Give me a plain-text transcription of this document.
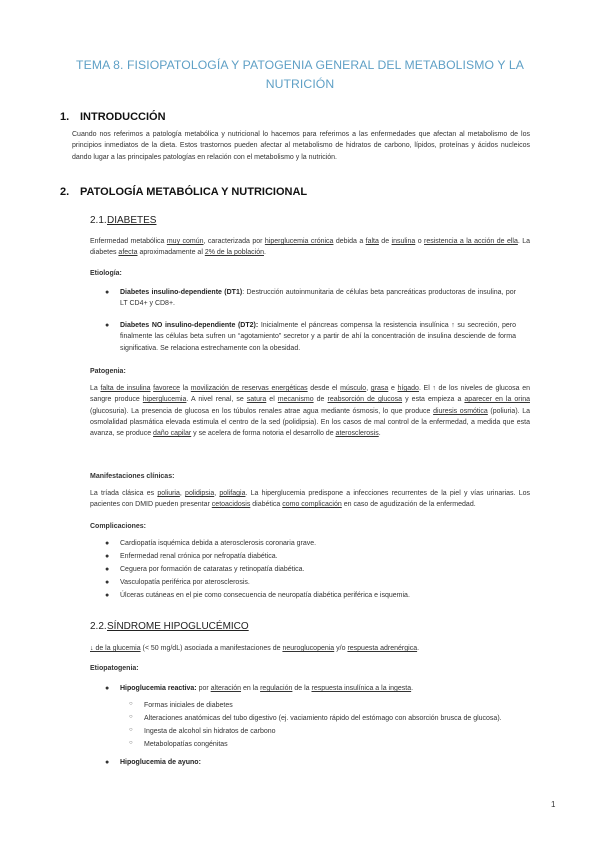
TEMA 8. FISIOPATOLOGÍA Y PATOGENIA GENERAL DEL METABOLISMO Y LA
NUTRICIÓN
1. INTRODUCCIÓN

Cuando nos referimos a patología metabólica y nutricional lo hacemos para referirnos a las enfermedades que afectan al metabolismo de los principios inmediatos de la dieta. Estos trastornos pueden afectar al metabolismo de hidratos de carbono, lípidos, proteínas y ácidos nucleicos dando lugar a las principales patologías en relación con el metabolismo y la nutrición.

2. PATOLOGÍA METABÓLICA Y NUTRICIONAL
2.1.DIABETES

Enfermedad metabólica muy común, caracterizada por hiperglucemia crónica debida a falta de insulina o resistencia a la acción de ella. La diabetes afecta aproximadamente al 2% de la población.

Etiología:
●	Diabetes insulino-dependiente (DT1): Destrucción autoinmunitaria de células beta pancreáticas productoras de insulina, por LT CD4+ y CD8+.
●	Diabetes NO insulino-dependiente (DT2): Inicialmente el páncreas compensa la resistencia insulínica ↑ su secreción, pero finalmente las células beta sufren un “agotamiento” secretor y a partir de ahí la concentración de insulina desciende de forma significativa. Se relaciona estrechamente con la obesidad.
Patogenia:

La falta de insulina favorece la movilización de reservas energéticas desde el músculo, grasa e hígado. El ↑ de los niveles de glucosa en sangre produce hiperglucemia. A nivel renal, se satura el mecanismo de reabsorción de glucosa y esta empieza a aparecer en la orina (glucosuria). La presencia de glucosa en los túbulos renales atrae agua mediante ósmosis, lo que produce diuresis osmótica (poliuria). La osmolalidad plasmática elevada estimula el centro de la sed (polidipsia). En los casos de mal control de la enfermedad, a medida que esta avanza, se produce daño capilar y se acelera de forma notoria el desarrollo de aterosclerosis.

Manifestaciones clínicas:

La tríada clásica es poliuria, polidipsia, polifagia. La hiperglucemia predispone a infecciones recurrentes de la piel y vías urinarias. Los pacientes con DMID pueden presentar cetoacidosis diabética como complicación en caso de agudización de la enfermedad.

Complicaciones:
●	Cardiopatía isquémica debida a aterosclerosis coronaria grave.
●	Enfermedad renal crónica por nefropatía diabética.
●	Ceguera por formación de cataratas y retinopatía diabética.
●	Vasculopatía periférica por aterosclerosis.
●	Úlceras cutáneas en el pie como consecuencia de neuropatía diabética periférica e isquemia.
2.2.SÍNDROME HIPOGLUCÉMICO

↓ de la glucemia (< 50 mg/dL) asociada a manifestaciones de neuroglucopenia y/o respuesta adrenérgica.

Etiopatogenia:
●	Hipoglucemia reactiva: por alteración en la regulación de la respuesta insulínica a la ingesta.
○ Formas iniciales de diabetes
○ Alteraciones anatómicas del tubo digestivo (ej. vaciamiento rápido del estómago con absorción brusca de glucosa).
○ Ingesta de alcohol sin hidratos de carbono
○ Metabolopatías congénitas
●	Hipoglucemia de ayuno:
1
